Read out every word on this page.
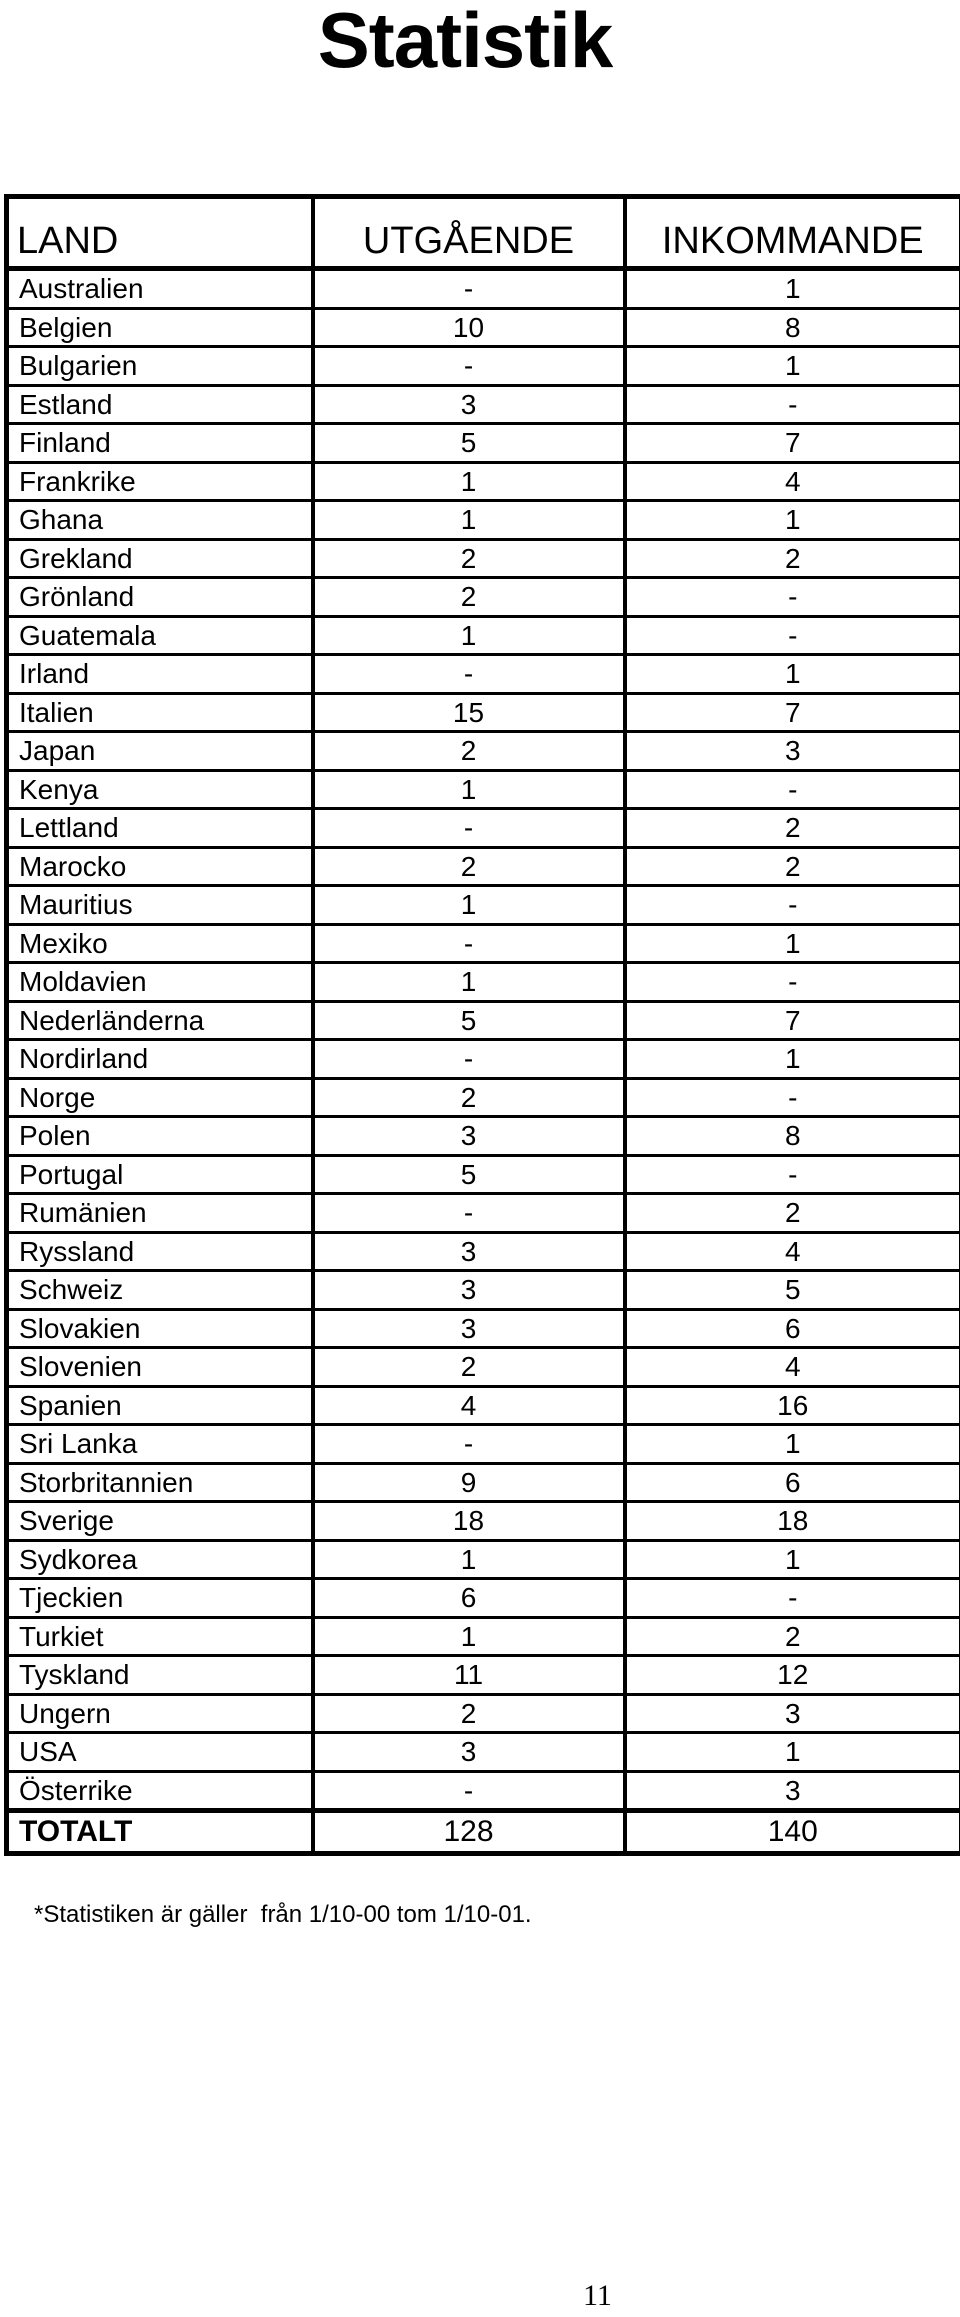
Statistik
LAND	UTGÅENDE	INKOMMANDE
Australien	-	1
Belgien	10	8
Bulgarien	-	1
Estland	3	-
Finland	5	7
Frankrike	1	4
Ghana	1	1
Grekland	2	2
Grönland	2	-
Guatemala	1	-
Irland	-	1
Italien	15	7
Japan	2	3
Kenya	1	-
Lettland	-	2
Marocko	2	2
Mauritius	1	-
Mexiko	-	1
Moldavien	1	-
Nederländerna	5	7
Nordirland	-	1
Norge	2	-
Polen	3	8
Portugal	5	-
Rumänien	-	2
Ryssland	3	4
Schweiz	3	5
Slovakien	3	6
Slovenien	2	4
Spanien	4	16
Sri Lanka	-	1
Storbritannien	9	6
Sverige	18	18
Sydkorea	1	1
Tjeckien	6	-
Turkiet	1	2
Tyskland	11	12
Ungern	2	3
USA	3	1
Österrike	-	3
TOTALT	128	140
*Statistiken är gäller  från 1/10-00 tom 1/10-01.
11
